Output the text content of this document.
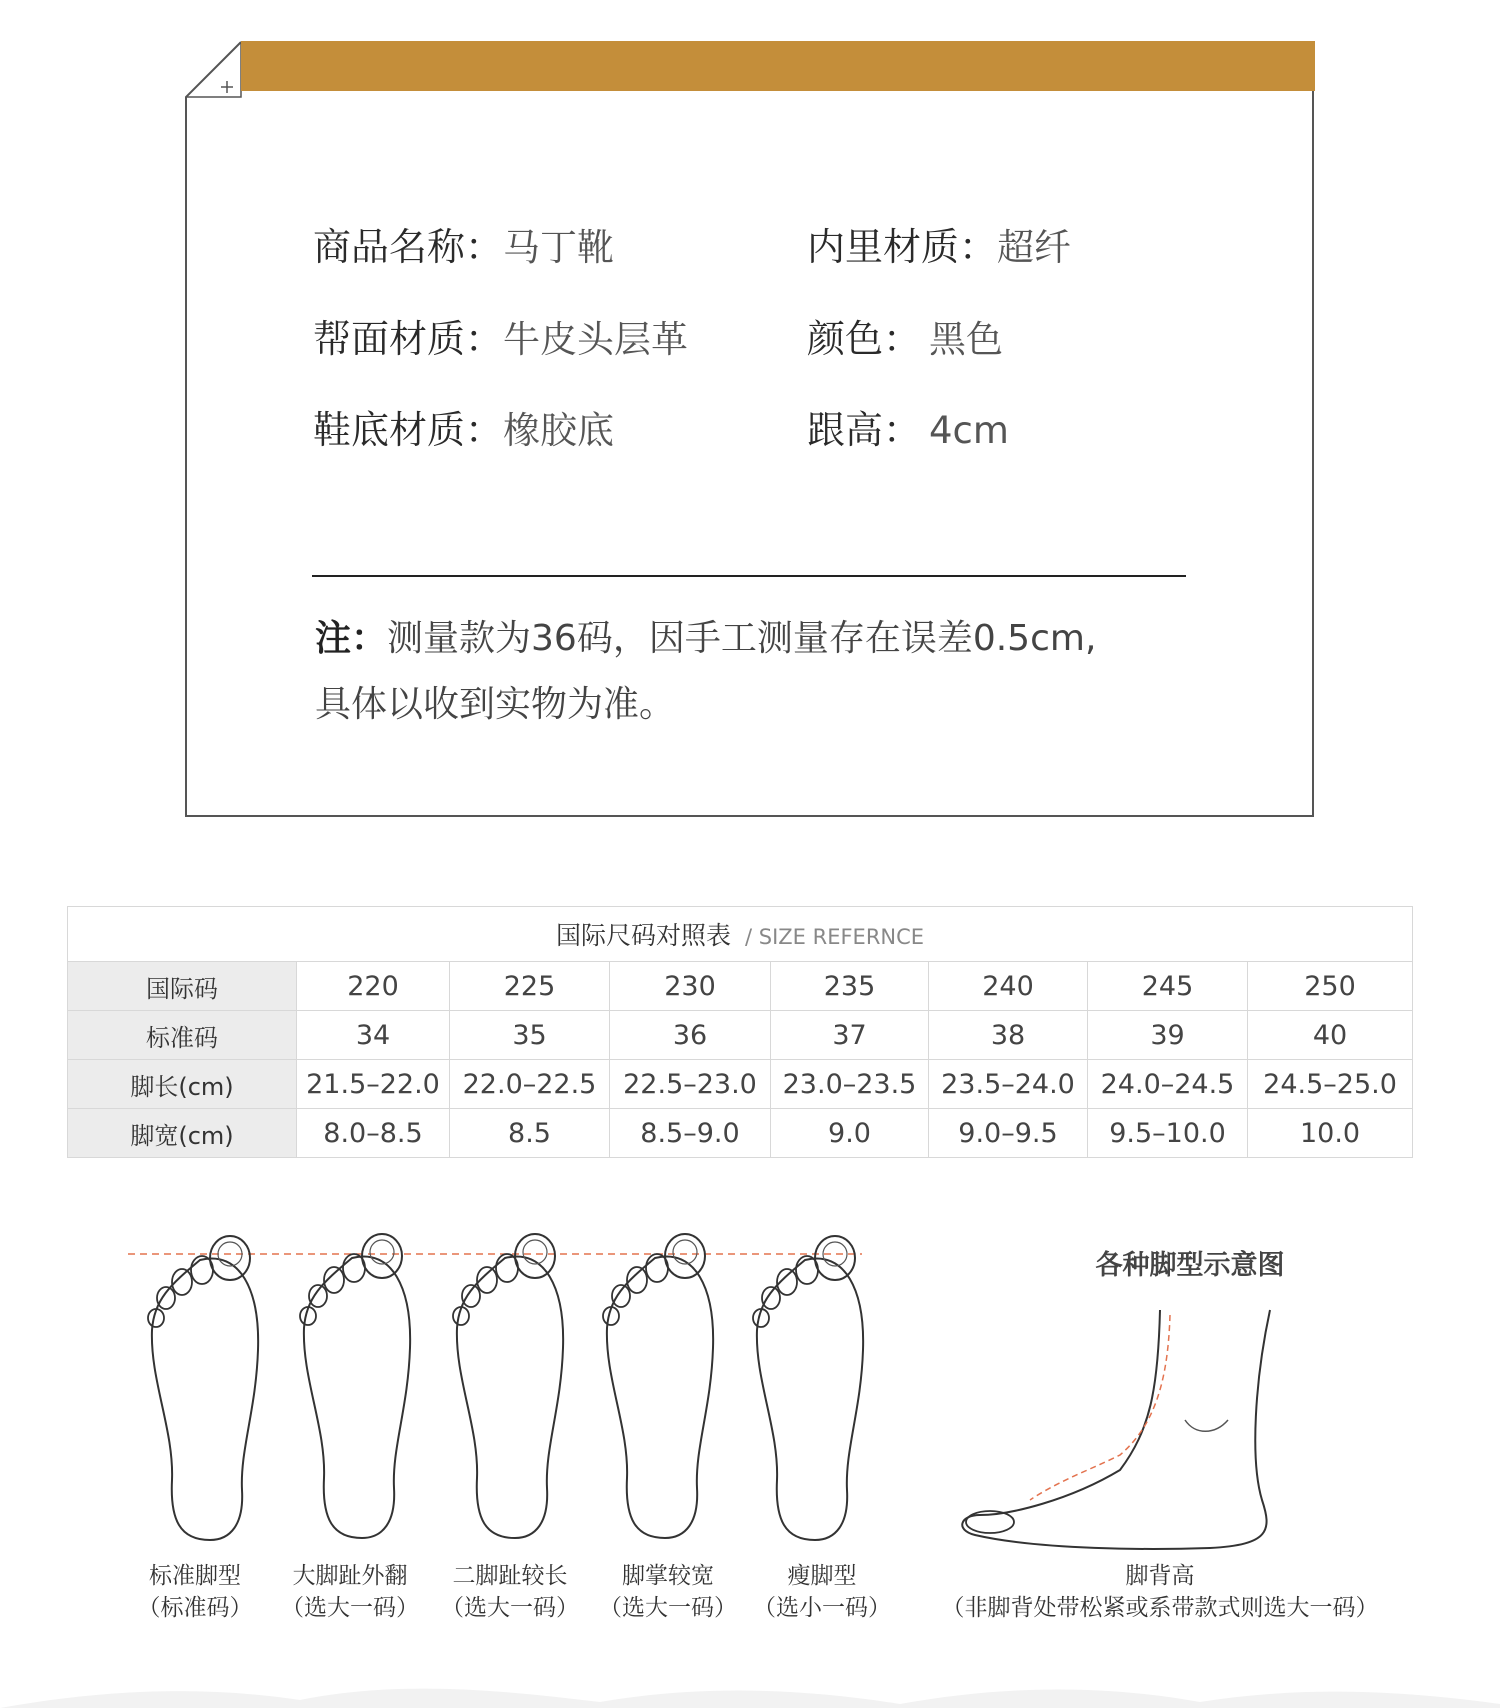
商品名称：马丁靴	内里材质：超纤
帮面材质：牛皮头层革	颜色： 黑色
鞋底材质：橡胶底	跟高： 4cm
注：测量款为36码，因手工测量存在误差0.5cm,
具体以收到实物为准。
国际尺码对照表 / SIZE REFERNCE							
国际码	220	225	230	235	240	245	250
标准码	34	35	36	37	38	39	40
脚长(cm)	21.5–22.0	22.0–22.5	22.5–23.0	23.0–23.5	23.5–24.0	24.0–24.5	24.5–25.0
脚宽(cm)	8.0–8.5	8.5	8.5–9.0	9.0	9.0–9.5	9.5–10.0	10.0
各种脚型示意图
标准脚型
（标准码）
大脚趾外翻
（选大一码）
二脚趾较长
（选大一码）
脚掌较宽
（选大一码）
瘦脚型
（选小一码）
脚背高
（非脚背处带松紧或系带款式则选大一码）
